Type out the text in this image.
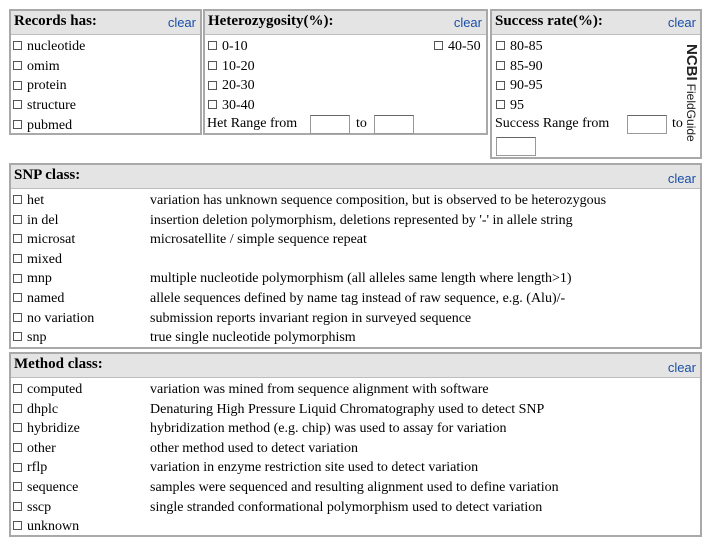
Records has:	clear
nucleotide
omim
protein
structure
pubmed
Heterozygosity(%):	clear
0-10
10-20
20-30
30-40
40-50
Het Range from	to
Success rate(%):	clear
80-85
85-90
90-95
95
Success Range from	to
NCBIFieldGuide
SNP class:	clear
het	variation has unknown sequence composition, but is observed to be heterozygous
in del	insertion deletion polymorphism, deletions represented by '-' in allele string
microsat	microsatellite / simple sequence repeat
mixed
mnp	multiple nucleotide polymorphism (all alleles same length where length>1)
named	allele sequences defined by name tag instead of raw sequence, e.g. (Alu)/-
no variation	submission reports invariant region in surveyed sequence
snp	true single nucleotide polymorphism
Method class:	clear
computed	variation was mined from sequence alignment with software
dhplc	Denaturing High Pressure Liquid Chromatography used to detect SNP
hybridize	hybridization method (e.g. chip) was used to assay for variation
other	other method used to detect variation
rflp	variation in enzyme restriction site used to detect variation
sequence	samples were sequenced and resulting alignment used to define variation
sscp	single stranded conformational polymorphism used to detect variation
unknown
